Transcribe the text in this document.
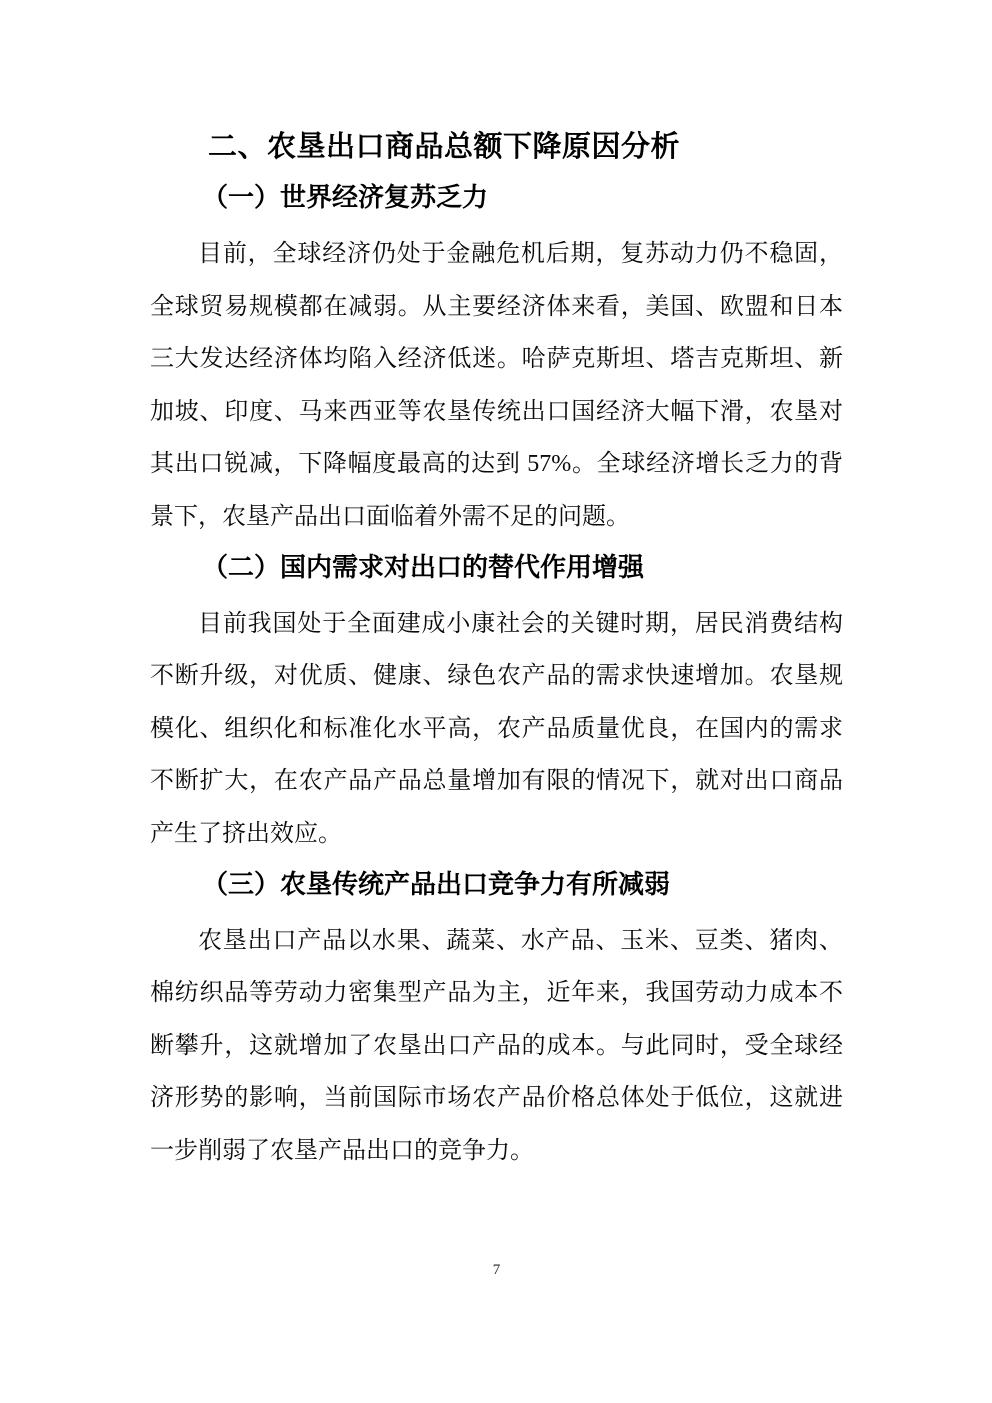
二、农垦出口商品总额下降原因分析
（一）世界经济复苏乏力

目前，全球经济仍处于金融危机后期，复苏动力仍不稳固，全球贸易规模都在减弱。从主要经济体来看，美国、欧盟和日本三大发达经济体均陷入经济低迷。哈萨克斯坦、塔吉克斯坦、新加坡、印度、马来西亚等农垦传统出口国经济大幅下滑，农垦对其出口锐减，下降幅度最高的达到 57%。全球经济增长乏力的背景下，农垦产品出口面临着外需不足的问题。

（二）国内需求对出口的替代作用增强

目前我国处于全面建成小康社会的关键时期，居民消费结构不断升级，对优质、健康、绿色农产品的需求快速增加。农垦规模化、组织化和标准化水平高，农产品质量优良，在国内的需求不断扩大，在农产品产品总量增加有限的情况下，就对出口商品产生了挤出效应。

（三）农垦传统产品出口竞争力有所减弱

农垦出口产品以水果、蔬菜、水产品、玉米、豆类、猪肉、棉纺织品等劳动力密集型产品为主，近年来，我国劳动力成本不断攀升，这就增加了农垦出口产品的成本。与此同时，受全球经济形势的影响，当前国际市场农产品价格总体处于低位，这就进一步削弱了农垦产品出口的竞争力。

7
